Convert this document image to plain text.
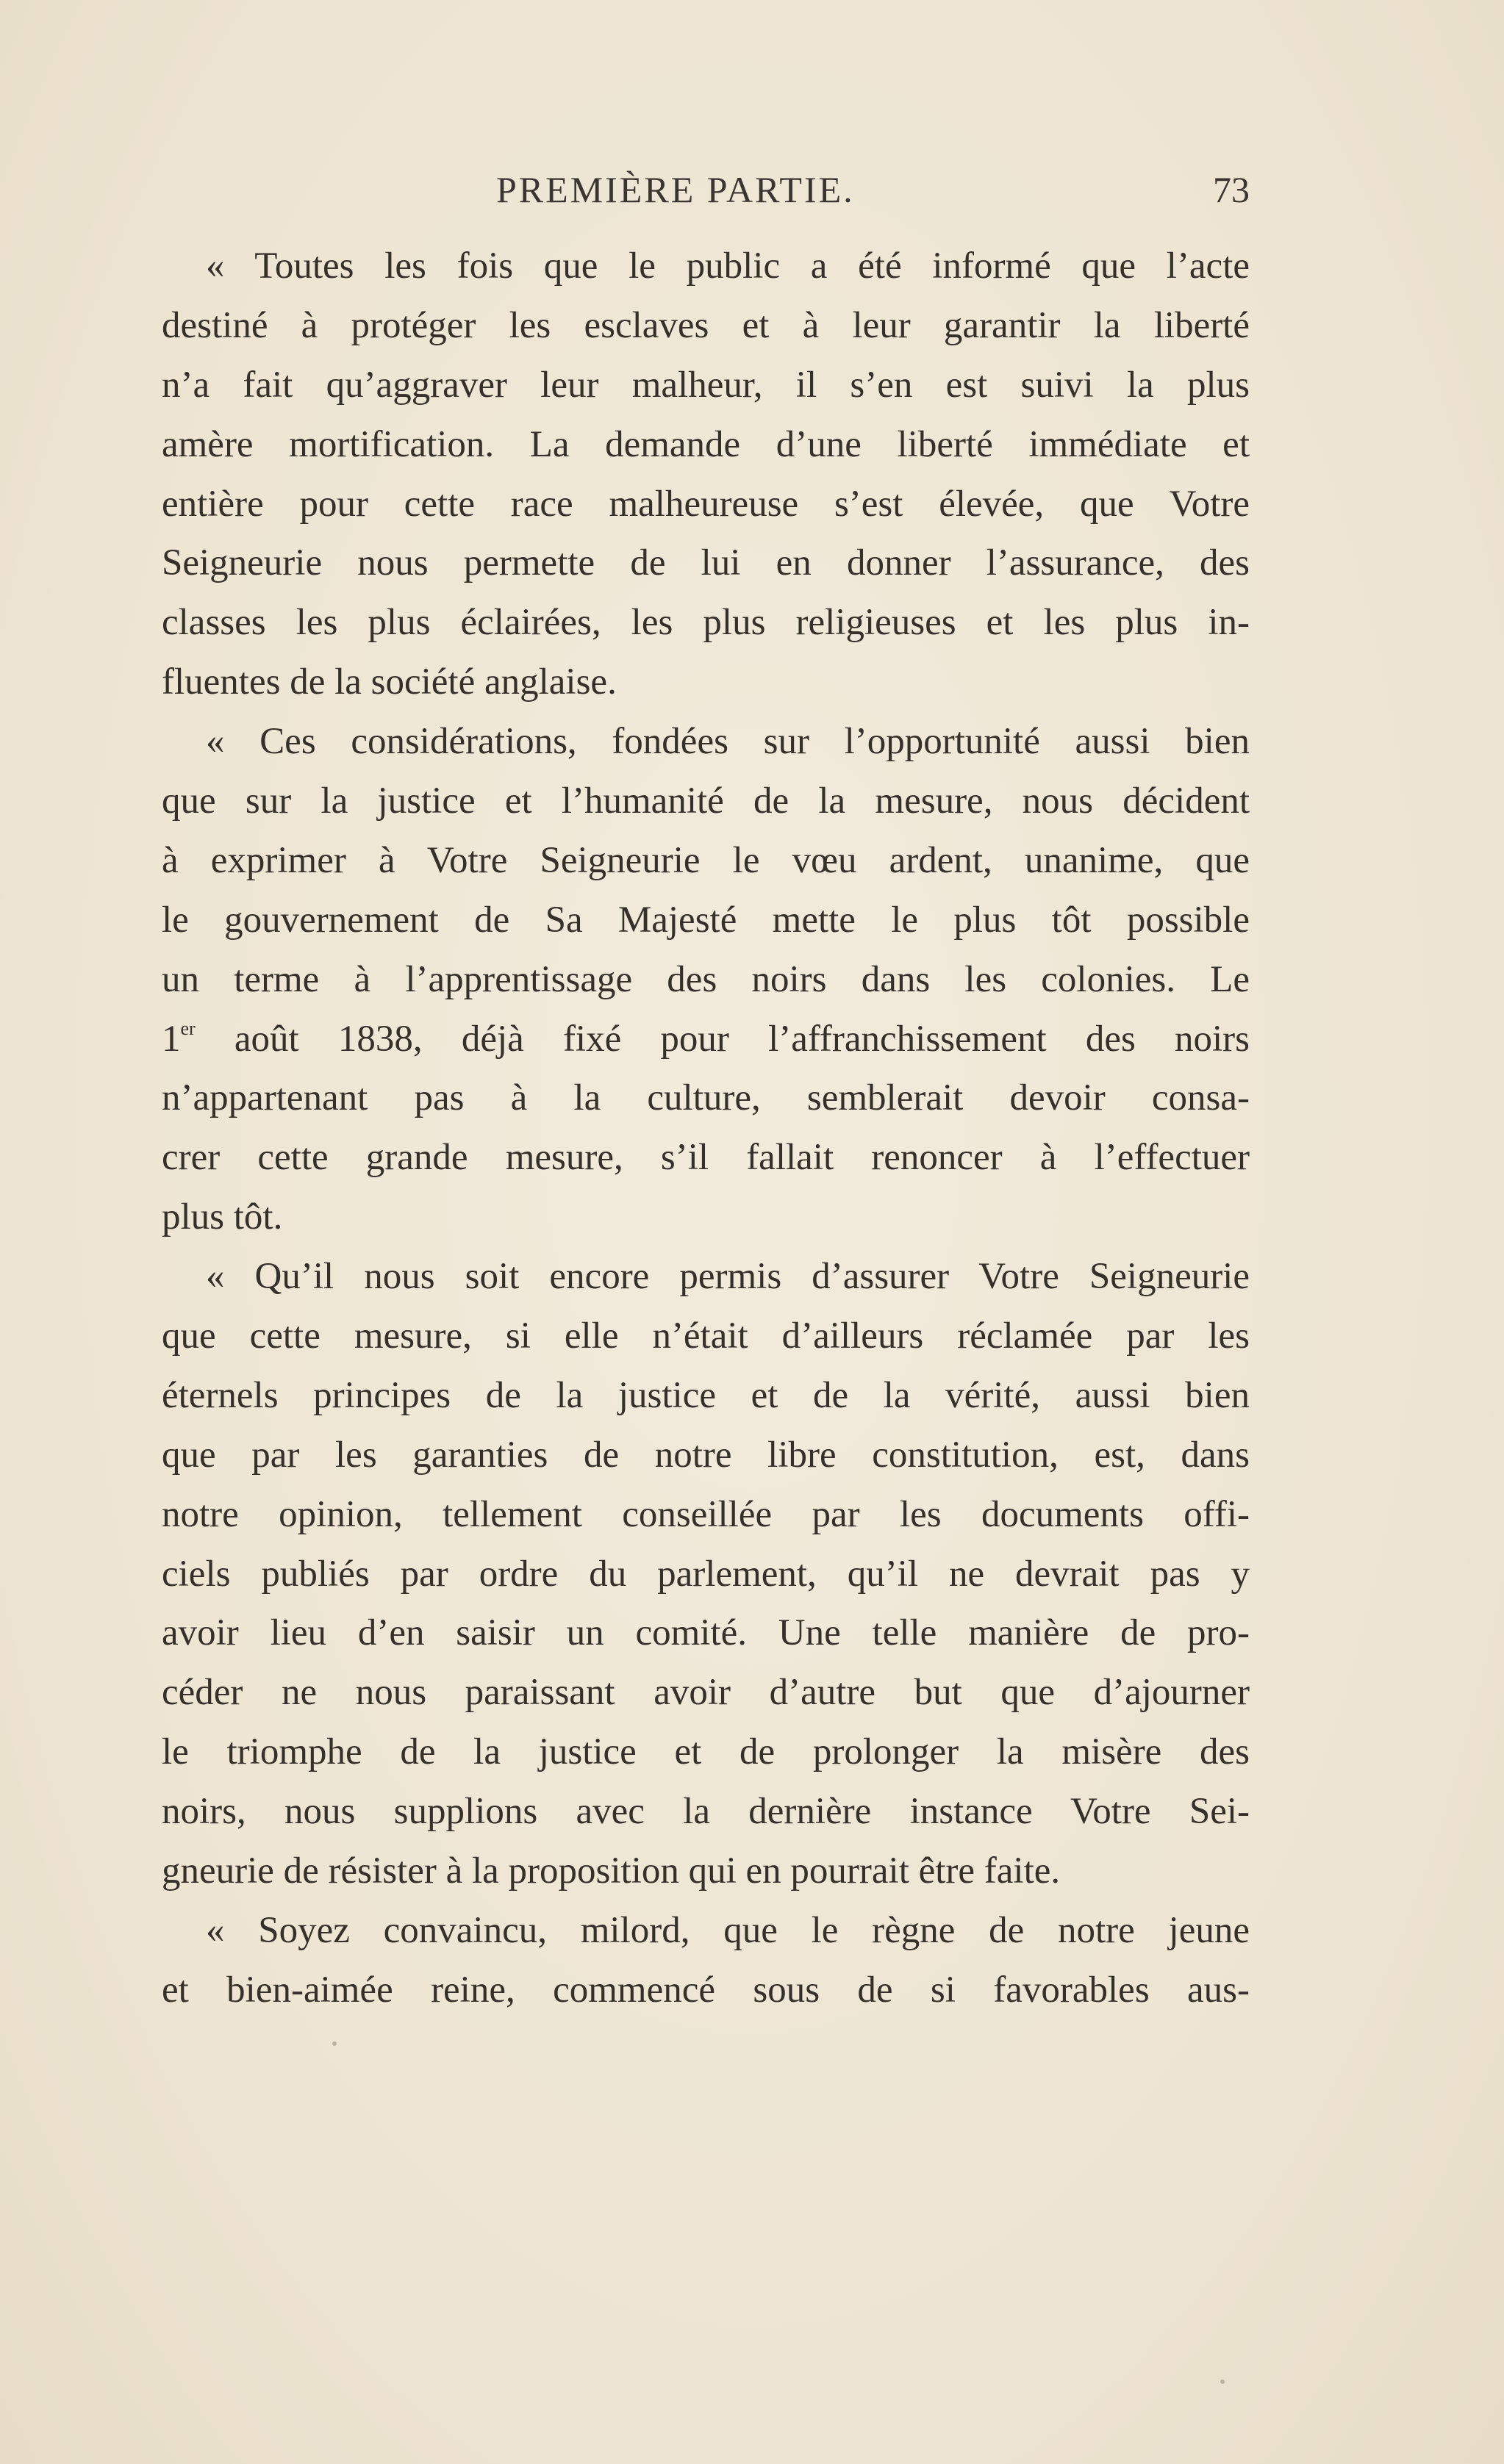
PREMIÈRE PARTIE.	73
« Toutes les fois que le public a été informé que l’acte
destiné à protéger les esclaves et à leur garantir la liberté
n’a fait qu’aggraver leur malheur, il s’en est suivi la plus
amère mortification. La demande d’une liberté immédiate et
entière pour cette race malheureuse s’est élevée, que Votre
Seigneurie nous permette de lui en donner l’assurance, des
classes les plus éclairées, les plus religieuses et les plus in-
fluentes de la société anglaise.
« Ces considérations, fondées sur l’opportunité aussi bien
que sur la justice et l’humanité de la mesure, nous décident
à exprimer à Votre Seigneurie le vœu ardent, unanime, que
le gouvernement de Sa Majesté mette le plus tôt possible
un terme à l’apprentissage des noirs dans les colonies. Le
1er août 1838, déjà fixé pour l’affranchissement des noirs
n’appartenant pas à la culture, semblerait devoir consa-
crer cette grande mesure, s’il fallait renoncer à l’effectuer
plus tôt.
« Qu’il nous soit encore permis d’assurer Votre Seigneurie
que cette mesure, si elle n’était d’ailleurs réclamée par les
éternels principes de la justice et de la vérité, aussi bien
que par les garanties de notre libre constitution, est, dans
notre opinion, tellement conseillée par les documents offi-
ciels publiés par ordre du parlement, qu’il ne devrait pas y
avoir lieu d’en saisir un comité. Une telle manière de pro-
céder ne nous paraissant avoir d’autre but que d’ajourner
le triomphe de la justice et de prolonger la misère des
noirs, nous supplions avec la dernière instance Votre Sei-
gneurie de résister à la proposition qui en pourrait être faite.
« Soyez convaincu, milord, que le règne de notre jeune
et bien-aimée reine, commencé sous de si favorables aus-
